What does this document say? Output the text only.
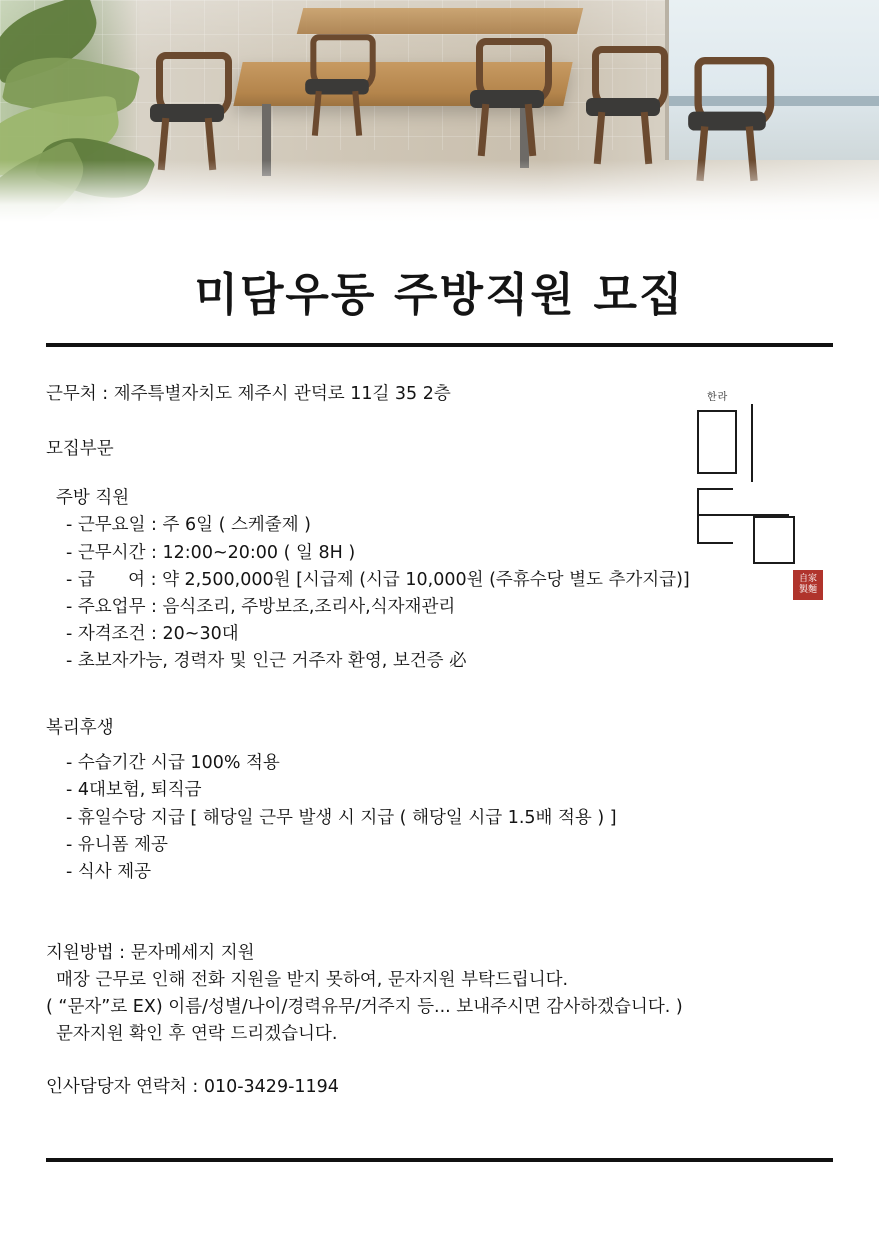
미담우동 주방직원 모집
근무처 : 제주특별자치도 제주시 관덕로 11길 35 2층
모집부문
주방 직원
- 근무요일 : 주 6일 ( 스케줄제 )
- 근무시간 : 12:00~20:00 ( 일 8H )
- 급      여 : 약 2,500,000원 [시급제 (시급 10,000원 (주휴수당 별도 추가지급)]
- 주요업무 : 음식조리, 주방보조,조리사,식자재관리
- 자격조건 : 20~30대
- 초보자가능, 경력자 및 인근 거주자 환영, 보건증 必
복리후생
- 수습기간 시급 100% 적용
- 4대보험, 퇴직금
- 휴일수당 지급 [ 해당일 근무 발생 시 지급 ( 해당일 시급 1.5배 적용 ) ]
- 유니폼 제공
- 식사 제공
지원방법 : 문자메세지 지원
매장 근무로 인해 전화 지원을 받지 못하여, 문자지원 부탁드립니다.
( “문자”로 EX) 이름/성별/나이/경력유무/거주지 등... 보내주시면 감사하겠습니다. )
문자지원 확인 후 연락 드리겠습니다.
인사담당자 연락처 : 010-3429-1194
한라
自家
製麵
